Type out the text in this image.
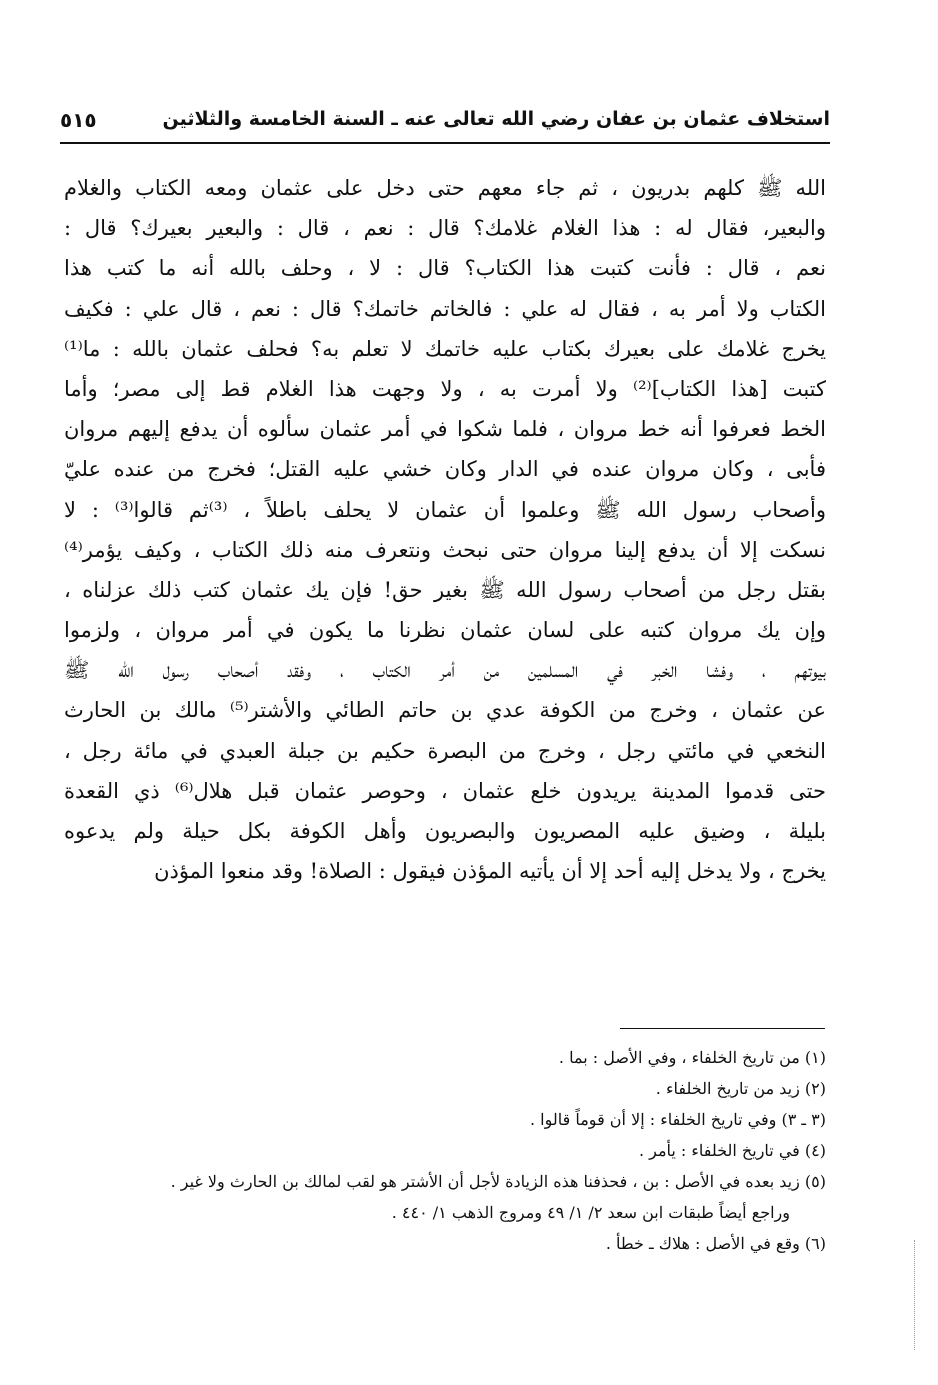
استخلاف عثمان بن عفان رضي الله تعالى عنه ـ السنة الخامسة والثلاثين
٥١٥
الله ﷺ كلهم بدريون ، ثم جاء معهم حتى دخل على عثمان ومعه الكتاب والغلام
والبعير، فقال له : هذا الغلام غلامك؟ قال : نعم ، قال : والبعير بعيرك؟ قال :
نعم ، قال : فأنت كتبت هذا الكتاب؟ قال : لا ، وحلف بالله أنه ما كتب هذا
الكتاب ولا أمر به ، فقال له علي : فالخاتم خاتمك؟ قال : نعم ، قال علي : فكيف
يخرج غلامك على بعيرك بكتاب عليه خاتمك لا تعلم به؟ فحلف عثمان بالله : ما⁽¹⁾
كتبت [هذا الكتاب]⁽²⁾ ولا أمرت به ، ولا وجهت هذا الغلام قط إلى مصر؛ وأما
الخط فعرفوا أنه خط مروان ، فلما شكوا في أمر عثمان سألوه أن يدفع إليهم مروان
فأبى ، وكان مروان عنده في الدار وكان خشي عليه القتل؛ فخرج من عنده عليّ
وأصحاب رسول الله ﷺ وعلموا أن عثمان لا يحلف باطلاً ، ⁽³⁾ثم قالوا⁽³⁾ : لا
نسكت إلا أن يدفع إلينا مروان حتى نبحث ونتعرف منه ذلك الكتاب ، وكيف يؤمر⁽⁴⁾
بقتل رجل من أصحاب رسول الله ﷺ بغير حق! فإن يك عثمان كتب ذلك عزلناه ،
وإن يك مروان كتبه على لسان عثمان نظرنا ما يكون في أمر مروان ، ولزموا
بيوتهم ، وفشا الخبر في المسلمين من أمر الكتاب ، وفقد أصحاب رسول الله ﷺ
عن عثمان ، وخرج من الكوفة عدي بن حاتم الطائي والأشتر⁽⁵⁾ مالك بن الحارث
النخعي في مائتي رجل ، وخرج من البصرة حكيم بن جبلة العبدي في مائة رجل ،
حتى قدموا المدينة يريدون خلع عثمان ، وحوصر عثمان قبل هلال⁽⁶⁾ ذي القعدة
بليلة ، وضيق عليه المصريون والبصريون وأهل الكوفة بكل حيلة ولم يدعوه
يخرج ، ولا يدخل إليه أحد إلا أن يأتيه المؤذن فيقول : الصلاة! وقد منعوا المؤذن
(١) من تاريخ الخلفاء ، وفي الأصل : بما .
(٢) زيد من تاريخ الخلفاء .
(٣ ـ ٣) وفي تاريخ الخلفاء : إلا أن قوماً قالوا .
(٤) في تاريخ الخلفاء : يأمر .
(٥) زيد بعده في الأصل : بن ، فحذفنا هذه الزيادة لأجل أن الأشتر هو لقب لمالك بن الحارث ولا غير .
وراجع أيضاً طبقات ابن سعد ٢/ ١/ ٤٩ ومروج الذهب ١/ ٤٤٠ .
(٦) وقع في الأصل : هلاك ـ خطأ .
